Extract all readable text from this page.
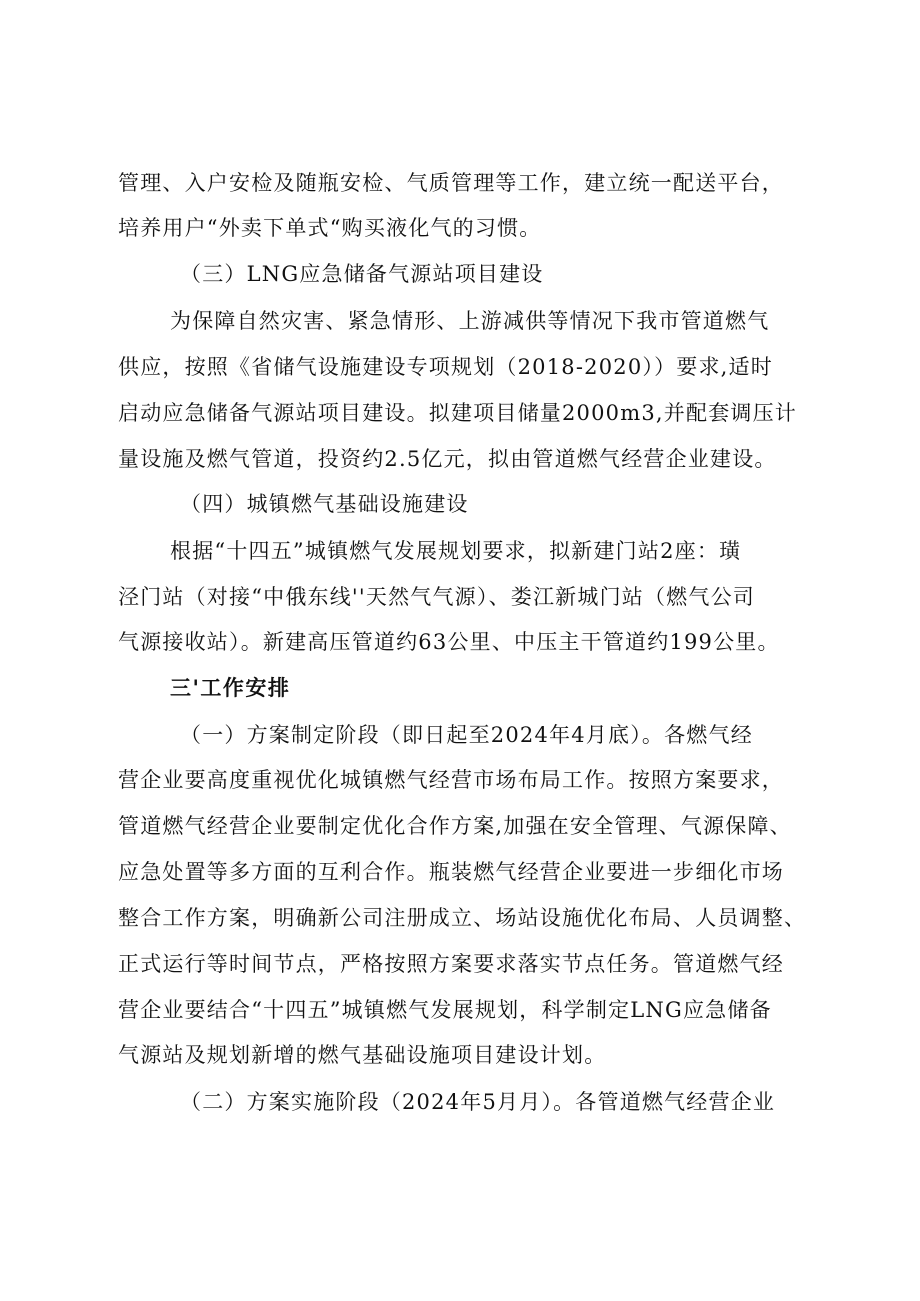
管理、入户安检及随瓶安检、气质管理等工作，建立统一配送平台，
培养用户“外卖下单式“购买液化气的习惯。
（三）LNG应急储备气源站项目建设
为保障自然灾害、紧急情形、上游减供等情况下我市管道燃气
供应，按照《省储气设施建设专项规划（2018-2020））要求,适时
启动应急储备气源站项目建设。拟建项目储量2000m3,并配套调压计
量设施及燃气管道，投资约2.5亿元，拟由管道燃气经营企业建设。
（四）城镇燃气基础设施建设
根据“十四五”城镇燃气发展规划要求，拟新建门站2座：璜
泾门站（对接“中俄东线''天然气气源）、娄江新城门站（燃气公司
气源接收站）。新建高压管道约63公里、中压主干管道约199公里。
三'工作安排
（一）方案制定阶段（即日起至2024年4月底）。各燃气经
营企业要高度重视优化城镇燃气经营市场布局工作。按照方案要求，
管道燃气经营企业要制定优化合作方案,加强在安全管理、气源保障、
应急处置等多方面的互利合作。瓶装燃气经营企业要进一步细化市场
整合工作方案，明确新公司注册成立、场站设施优化布局、人员调整、
正式运行等时间节点，严格按照方案要求落实节点任务。管道燃气经
营企业要结合“十四五”城镇燃气发展规划，科学制定LNG应急储备
气源站及规划新增的燃气基础设施项目建设计划。
（二）方案实施阶段（2024年5月月）。各管道燃气经营企业
